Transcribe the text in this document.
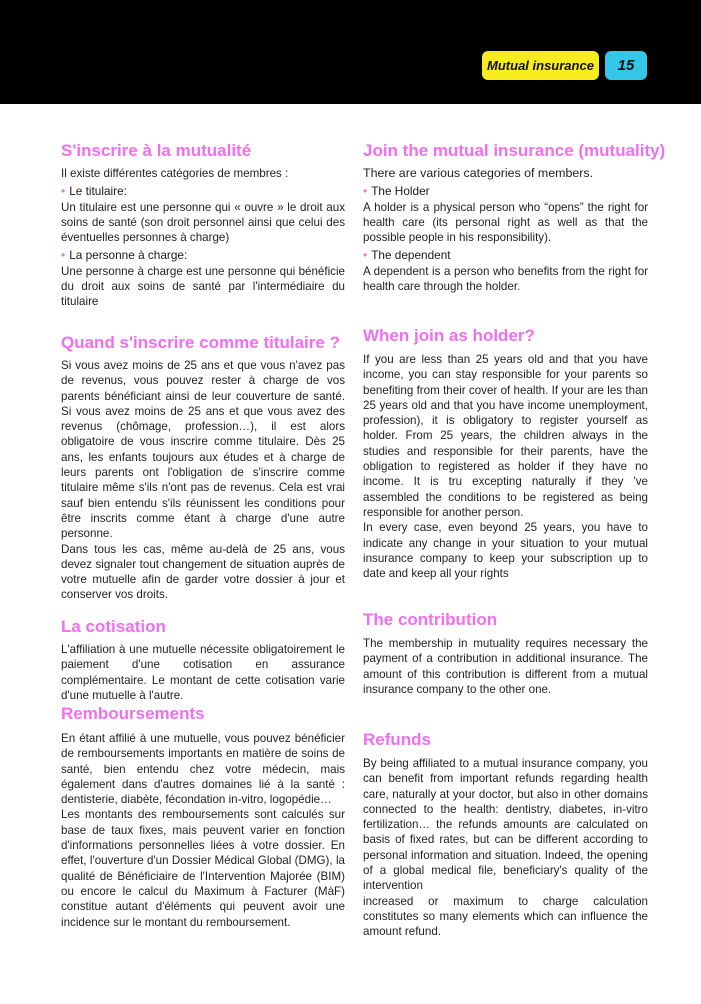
Mutual insurance	15
S'inscrire à la mutualité
Il existe différentes catégories de membres :
• Le titulaire:
Un titulaire est une personne qui « ouvre » le droit aux soins de santé (son droit personnel ainsi que celui des éventuelles personnes à charge)
• La personne à charge:
Une personne à charge est une personne qui bénéficie du droit aux soins de santé par l'intermédiaire du titulaire
Quand s'inscrire comme titulaire ?
Si vous avez moins de 25 ans et que vous n'avez pas de revenus, vous pouvez rester à charge de vos parents bénéficiant ainsi de leur couverture de santé. Si vous avez moins de 25 ans et que vous avez des revenus (chômage, profession…), il est alors obligatoire de vous inscrire comme titulaire. Dès 25 ans, les enfants toujours aux études et à charge de leurs parents ont l'obligation de s'inscrire comme titulaire même s'ils n'ont pas de revenus. Cela est vrai sauf bien entendu s'ils réunissent les conditions pour être inscrits comme étant à charge d'une autre personne.
Dans tous les cas, même au-delà de 25 ans, vous devez signaler tout changement de situation auprès de votre mutuelle afin de garder votre dossier à jour et conserver vos droits.
La cotisation
L'affiliation à une mutuelle nécessite obligatoirement le paiement d'une cotisation en assurance complémentaire. Le montant de cette cotisation varie d'une mutuelle à l'autre.
Remboursements
En étant affilié à une mutuelle, vous pouvez bénéficier de remboursements importants en matière de soins de santé, bien entendu chez votre médecin, mais également dans d'autres domaines lié à la santé : dentisterie, diabète, fécondation in-vitro, logopédie…
Les montants des remboursements sont calculés sur base de taux fixes, mais peuvent varier en fonction d'informations personnelles liées à votre dossier. En effet, l'ouverture d'un Dossier Médical Global (DMG), la qualité de Bénéficiaire de l'Intervention Majorée (BIM) ou encore le calcul du Maximum à Facturer (MàF) constitue autant d'éléments qui peuvent avoir une incidence sur le montant du remboursement.
Join the mutual insurance (mutuality)
There are various categories of members.
• The Holder
A holder is a physical person who “opens” the right for health care (its personal right as well as that the possible people in his responsibility).
• The dependent
A dependent is a person who benefits from the right for health care through the holder.
When join as holder?
If you are less than 25 years old and that you have income, you can stay responsible for your parents so benefiting from their cover of health. If your are les than 25 years old and that you have income unemployment, profession), it is obligatory to register yourself as holder. From 25 years, the children always in the studies and responsible for their parents, have the obligation to registered as holder if they have no income. It is tru excepting naturally if they 've assembled the conditions to be registered as being responsible for another person.
In every case, even beyond 25 years, you have to indicate any change in your situation to your mutual insurance company to keep your subscription up to date and keep all your rights
The contribution
The membership in mutuality requires necessary the payment of a contribution in additional insurance. The amount of this contribution is different from a mutual insurance company to the other one.
Refunds
By being affiliated to a mutual insurance company, you can benefit from important refunds regarding health care, naturally at your doctor, but also in other domains connected to the health: dentistry, diabetes, in-vitro fertilization… the refunds amounts are calculated on basis of fixed rates, but can be different according to personal information and situation. Indeed, the opening of a global medical file, beneficiary's quality of the intervention
increased or maximum to charge calculation constitutes so many elements which can influence the amount refund.
